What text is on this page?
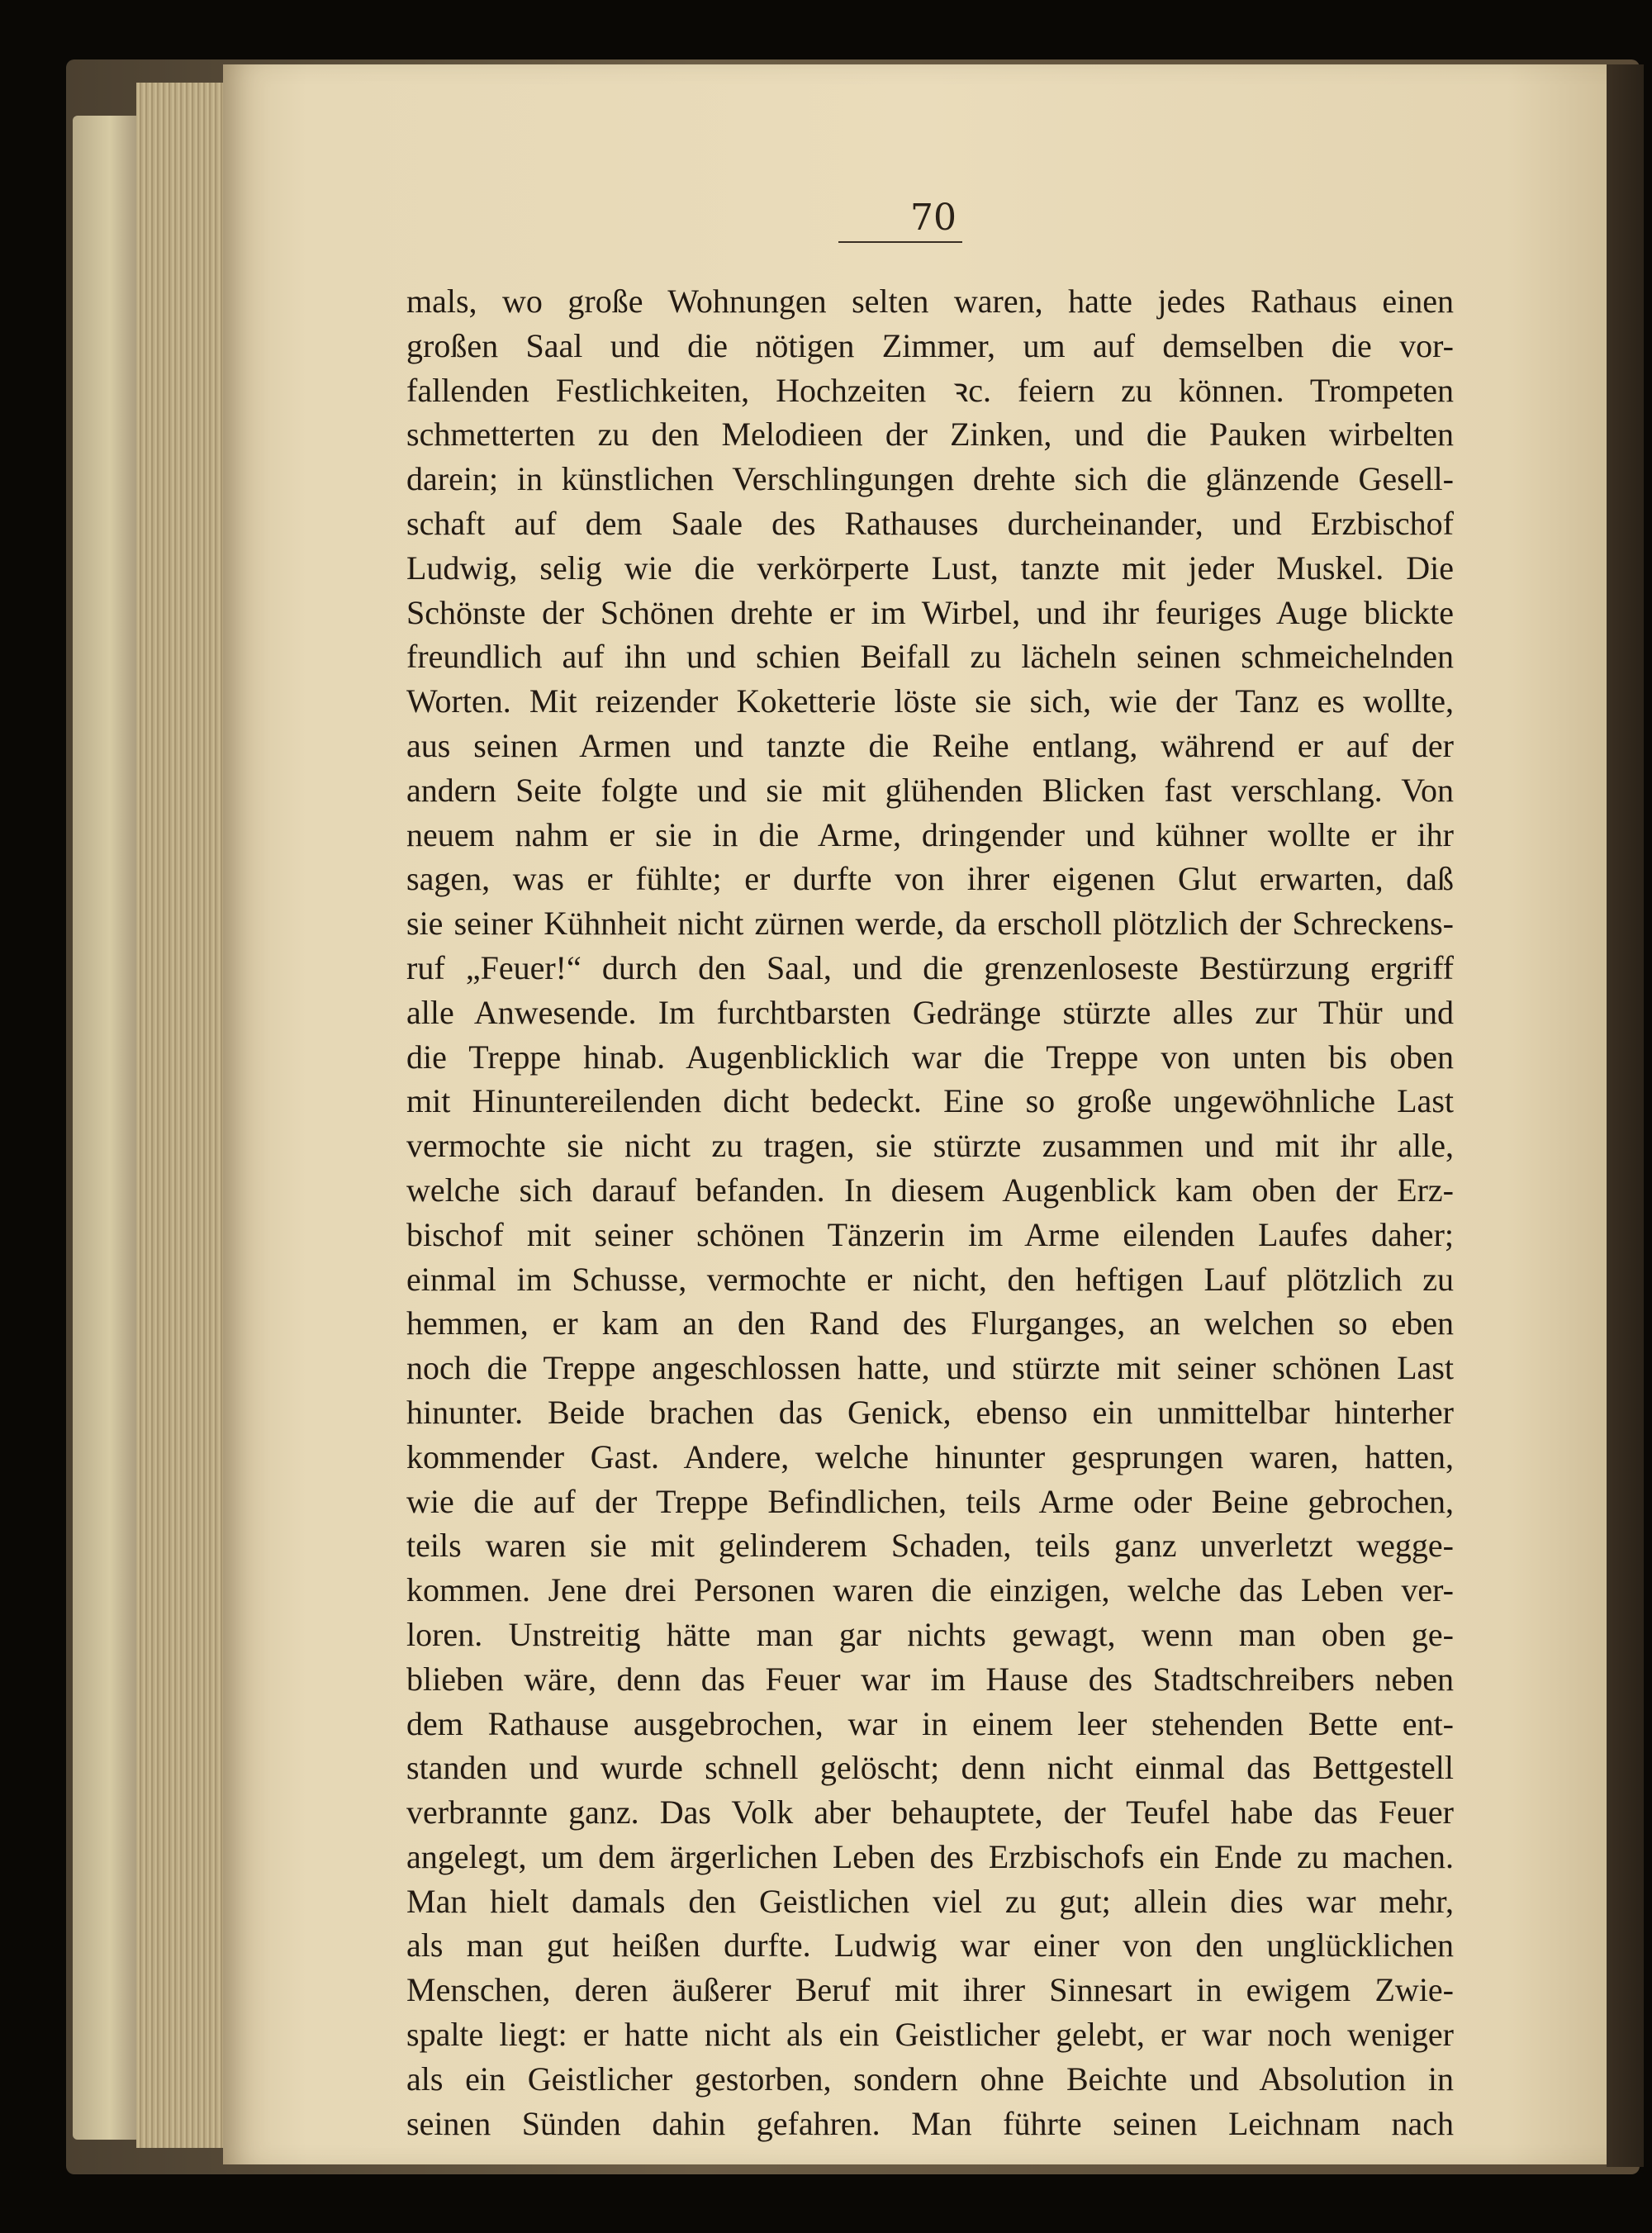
70
mals, wo große Wohnungen selten waren, hatte jedes Rathaus einen
großen Saal und die nötigen Zimmer, um auf demselben die vor-
fallenden Festlichkeiten, Hochzeiten ꝛc. feiern zu können. Trompeten
schmetterten zu den Melodieen der Zinken, und die Pauken wirbelten
darein; in künstlichen Verschlingungen drehte sich die glänzende Gesell-
schaft auf dem Saale des Rathauses durcheinander, und Erzbischof
Ludwig, selig wie die verkörperte Lust, tanzte mit jeder Muskel. Die
Schönste der Schönen drehte er im Wirbel, und ihr feuriges Auge blickte
freundlich auf ihn und schien Beifall zu lächeln seinen schmeichelnden
Worten. Mit reizender Koketterie löste sie sich, wie der Tanz es wollte,
aus seinen Armen und tanzte die Reihe entlang, während er auf der
andern Seite folgte und sie mit glühenden Blicken fast verschlang. Von
neuem nahm er sie in die Arme, dringender und kühner wollte er ihr
sagen, was er fühlte; er durfte von ihrer eigenen Glut erwarten, daß
sie seiner Kühnheit nicht zürnen werde, da erscholl plötzlich der Schreckens-
ruf „Feuer!“ durch den Saal, und die grenzenloseste Bestürzung ergriff
alle Anwesende. Im furchtbarsten Gedränge stürzte alles zur Thür und
die Treppe hinab. Augenblicklich war die Treppe von unten bis oben
mit Hinuntereilenden dicht bedeckt. Eine so große ungewöhnliche Last
vermochte sie nicht zu tragen, sie stürzte zusammen und mit ihr alle,
welche sich darauf befanden. In diesem Augenblick kam oben der Erz-
bischof mit seiner schönen Tänzerin im Arme eilenden Laufes daher;
einmal im Schusse, vermochte er nicht, den heftigen Lauf plötzlich zu
hemmen, er kam an den Rand des Flurganges, an welchen so eben
noch die Treppe angeschlossen hatte, und stürzte mit seiner schönen Last
hinunter. Beide brachen das Genick, ebenso ein unmittelbar hinterher
kommender Gast. Andere, welche hinunter gesprungen waren, hatten,
wie die auf der Treppe Befindlichen, teils Arme oder Beine gebrochen,
teils waren sie mit gelinderem Schaden, teils ganz unverletzt wegge-
kommen. Jene drei Personen waren die einzigen, welche das Leben ver-
loren. Unstreitig hätte man gar nichts gewagt, wenn man oben ge-
blieben wäre, denn das Feuer war im Hause des Stadtschreibers neben
dem Rathause ausgebrochen, war in einem leer stehenden Bette ent-
standen und wurde schnell gelöscht; denn nicht einmal das Bettgestell
verbrannte ganz. Das Volk aber behauptete, der Teufel habe das Feuer
angelegt, um dem ärgerlichen Leben des Erzbischofs ein Ende zu machen.
Man hielt damals den Geistlichen viel zu gut; allein dies war mehr,
als man gut heißen durfte. Ludwig war einer von den unglücklichen
Menschen, deren äußerer Beruf mit ihrer Sinnesart in ewigem Zwie-
spalte liegt: er hatte nicht als ein Geistlicher gelebt, er war noch weniger
als ein Geistlicher gestorben, sondern ohne Beichte und Absolution in
seinen Sünden dahin gefahren. Man führte seinen Leichnam nach
